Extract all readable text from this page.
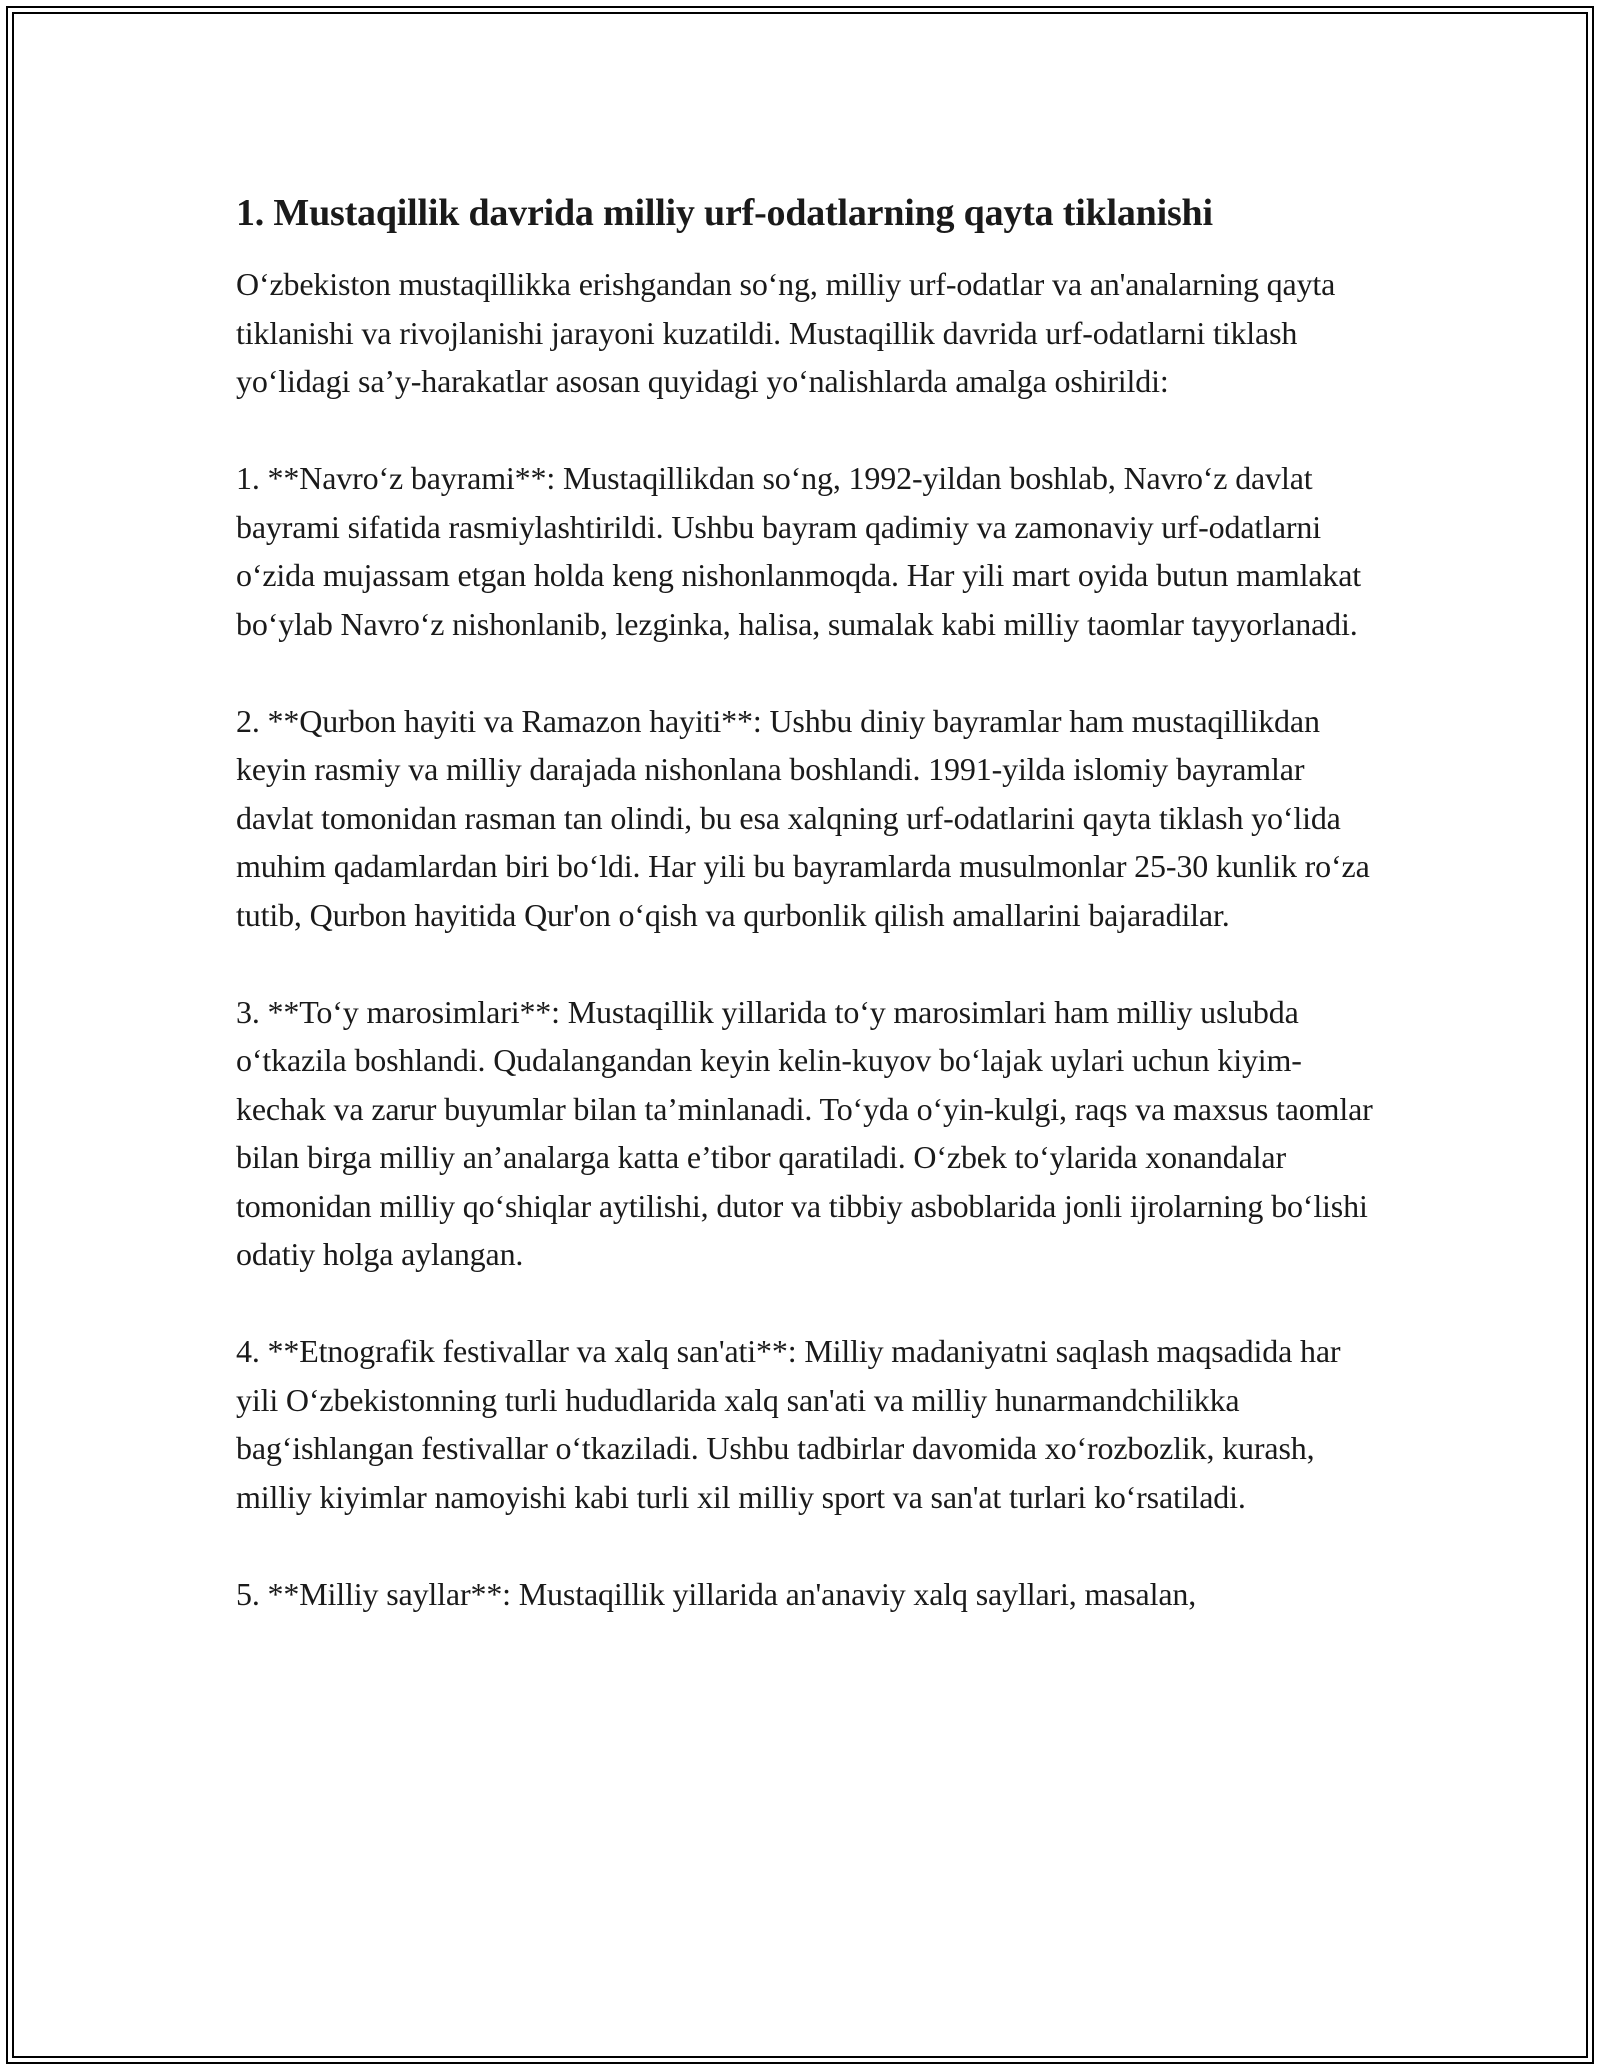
1. Mustaqillik davrida milliy urf-odatlarning qayta tiklanishi

O‘zbekiston mustaqillikka erishgandan so‘ng, milliy urf-odatlar va an'analarning qayta tiklanishi va rivojlanishi jarayoni kuzatildi. Mustaqillik davrida urf-odatlarni tiklash yo‘lidagi sa’y-harakatlar asosan quyidagi yo‘nalishlarda amalga oshirildi:

1. **Navro‘z bayrami**: Mustaqillikdan so‘ng, 1992-yildan boshlab, Navro‘z davlat bayrami sifatida rasmiylashtirildi. Ushbu bayram qadimiy va zamonaviy urf-odatlarni o‘zida mujassam etgan holda keng nishonlanmoqda. Har yili mart oyida butun mamlakat bo‘ylab Navro‘z nishonlanib, lezginka, halisa, sumalak kabi milliy taomlar tayyorlanadi.

2. **Qurbon hayiti va Ramazon hayiti**: Ushbu diniy bayramlar ham mustaqillikdan keyin rasmiy va milliy darajada nishonlana boshlandi. 1991-yilda islomiy bayramlar davlat tomonidan rasman tan olindi, bu esa xalqning urf-odatlarini qayta tiklash yo‘lida muhim qadamlardan biri bo‘ldi. Har yili bu bayramlarda musulmonlar 25-30 kunlik ro‘za tutib, Qurbon hayitida Qur'on o‘qish va qurbonlik qilish amallarini bajaradilar.

3. **To‘y marosimlari**: Mustaqillik yillarida to‘y marosimlari ham milliy uslubda o‘tkazila boshlandi. Qudalangandan keyin kelin-kuyov bo‘lajak uylari uchun kiyim-kechak va zarur buyumlar bilan ta’minlanadi. To‘yda o‘yin-kulgi, raqs va maxsus taomlar bilan birga milliy an’analarga katta e’tibor qaratiladi. O‘zbek to‘ylarida xonandalar tomonidan milliy qo‘shiqlar aytilishi, dutor va tibbiy asboblarida jonli ijrolarning bo‘lishi odatiy holga aylangan.

4. **Etnografik festivallar va xalq san'ati**: Milliy madaniyatni saqlash maqsadida har yili O‘zbekistonning turli hududlarida xalq san'ati va milliy hunarmandchilikka bag‘ishlangan festivallar o‘tkaziladi. Ushbu tadbirlar davomida xo‘rozbozlik, kurash, milliy kiyimlar namoyishi kabi turli xil milliy sport va san'at turlari ko‘rsatiladi.

5. **Milliy sayllar**: Mustaqillik yillarida an'anaviy xalq sayllari, masalan,
